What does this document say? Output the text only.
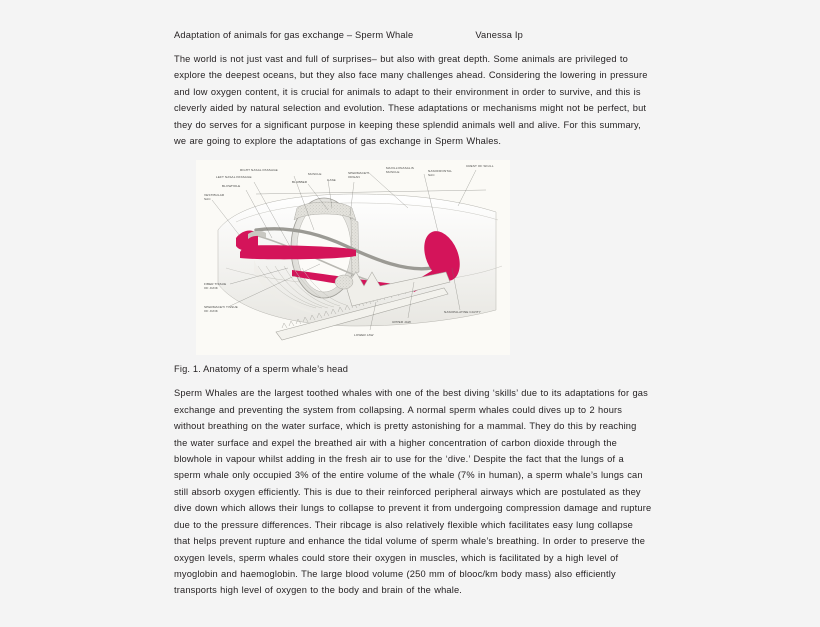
Adaptation of animals for gas exchange – Sperm Whale	Vanessa Ip

The world is not just vast and full of surprises– but also with great depth. Some animals are privileged to explore the deepest oceans, but they also face many challenges ahead. Considering the lowering in pressure and low oxygen content, it is crucial for animals to adapt to their environment in order to survive, and this is cleverly aided by natural selection and evolution. These adaptations or mechanisms might not be perfect, but they do serves for a significant purpose in keeping these splendid animals well and alive. For this summary, we are going to explore the adaptations of gas exchange in Sperm Whales.

VESTIBULAR
SAC
BLOWHOLE
LEFT NASAL PASSAGE
RIGHT NASAL PASSAGE
BLUBBER
MUSCLE
CASE
SPERMACETI
ORGAN
MAXILLONASALIS
MUSCLE	NASOFRONTAL
SAC
CREST OF SKULL
FIBER TISSUE
OF JUNK
SPERMACETI TISSUE
OF JUNK
LOWER JAW
UPPER JAW
NASOPALATINE CAVITY
Fig. 1. Anatomy of a sperm whale’s head

Sperm Whales are the largest toothed whales with one of the best diving ‘skills’ due to its adaptations for gas exchange and preventing the system from collapsing. A normal sperm whales could dives up to 2 hours without breathing on the water surface, which is pretty astonishing for a mammal. They do this by reaching the water surface and expel the breathed air with a higher concentration of carbon dioxide through the blowhole in vapour whilst adding in the fresh air to use for the ‘dive.’ Despite the fact that the lungs of a sperm whale only occupied 3% of the entire volume of the whale (7% in human), a sperm whale’s lungs can still absorb oxygen efficiently. This is due to their reinforced peripheral airways which are postulated as they dive down which allows their lungs to collapse to prevent it from undergoing compression damage and rupture due to the pressure differences. Their ribcage is also relatively flexible which facilitates easy lung collapse that helps prevent rupture and enhance the tidal volume of sperm whale’s breathing. In order to preserve the oxygen levels, sperm whales could store their oxygen in muscles, which is facilitated by a high level of myoglobin and haemoglobin. The large blood volume (250 mm of blooc/km body mass) also efficiently transports high level of oxygen to the body and brain of the whale.
